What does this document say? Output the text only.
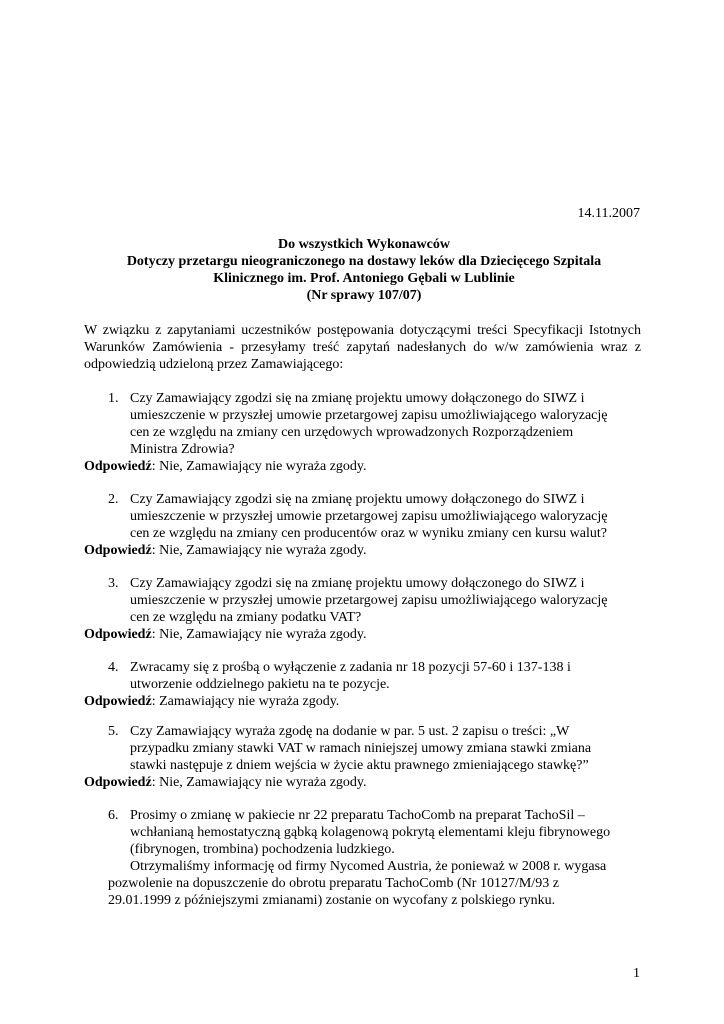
14.11.2007
Do wszystkich Wykonawców
Dotyczy przetargu nieograniczonego na dostawy leków dla Dziecięcego Szpitala
Klinicznego im. Prof. Antoniego Gębali w Lublinie
(Nr sprawy 107/07)
W związku z zapytaniami uczestników postępowania dotyczącymi treści Specyfikacji Istotnych Warunków Zamówienia - przesyłamy treść zapytań nadesłanych do w/w zamówienia wraz z odpowiedzią udzieloną przez Zamawiającego:
1. Czy Zamawiający zgodzi się na zmianę projektu umowy dołączonego do SIWZ i
umieszczenie w przyszłej umowie przetargowej zapisu umożliwiającego waloryzację
cen ze względu na zmiany cen urzędowych wprowadzonych Rozporządzeniem
Ministra Zdrowia?
Odpowiedź: Nie, Zamawiający nie wyraża zgody.
2. Czy Zamawiający zgodzi się na zmianę projektu umowy dołączonego do SIWZ i
umieszczenie w przyszłej umowie przetargowej zapisu umożliwiającego waloryzację
cen ze względu na zmiany cen producentów oraz w wyniku zmiany cen kursu walut?
Odpowiedź: Nie, Zamawiający nie wyraża zgody.
3. Czy Zamawiający zgodzi się na zmianę projektu umowy dołączonego do SIWZ i
umieszczenie w przyszłej umowie przetargowej zapisu umożliwiającego waloryzację
cen ze względu na zmiany podatku VAT?
Odpowiedź: Nie, Zamawiający nie wyraża zgody.
4. Zwracamy się z prośbą o wyłączenie z zadania nr 18 pozycji 57-60 i 137-138 i
utworzenie oddzielnego pakietu na te pozycje.
Odpowiedź: Zamawiający nie wyraża zgody.
5. Czy Zamawiający wyraża zgodę na dodanie w par. 5 ust. 2 zapisu o treści: „W
przypadku zmiany stawki VAT w ramach niniejszej umowy zmiana stawki zmiana
stawki następuje z dniem wejścia w życie aktu prawnego zmieniającego stawkę?”
Odpowiedź: Nie, Zamawiający nie wyraża zgody.
6. Prosimy o zmianę w pakiecie nr 22 preparatu TachoComb na preparat TachoSil –
wchłanianą hemostatyczną gąbką kolagenową pokrytą elementami kleju fibrynowego
(fibrynogen, trombina) pochodzenia ludzkiego.
Otrzymaliśmy informację od firmy Nycomed Austria, że ponieważ w 2008 r. wygasa
pozwolenie na dopuszczenie do obrotu preparatu TachoComb (Nr 10127/M/93 z
29.01.1999 z późniejszymi zmianami) zostanie on wycofany z polskiego rynku.
1
